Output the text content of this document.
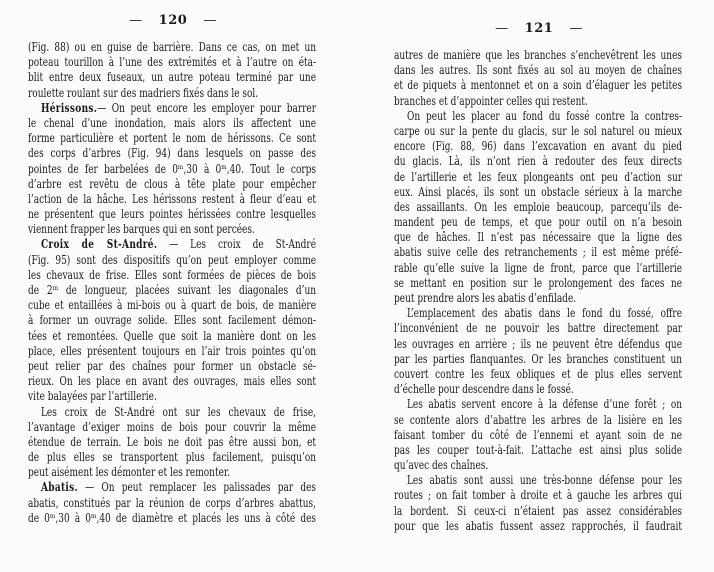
— 120 —
(Fig. 88) ou en guise de barrière. Dans ce cas, on met un
poteau tourillon à l’une des extrémités et à l’autre on éta-
blit entre deux fuseaux, un autre poteau terminé par une
roulette roulant sur des madriers fixés dans le sol.
Hérissons.— On peut encore les employer pour barrer
le chenal d’une inondation, mais alors ils affectent une
forme particulière et portent le nom de hérissons. Ce sont
des corps d’arbres (Fig. 94) dans lesquels on passe des
pointes de fer barbelées de 0ᵐ,30 à 0ᵐ,40. Tout le corps
d’arbre est revêtu de clous à tête plate pour empêcher
l’action de la hâche. Les hérissons restent à fleur d’eau et
ne présentent que leurs pointes hérissées contre lesquelles
viennent frapper les barques qui en sont percées.
Croix de St-André. — Les croix de St-André
(Fig. 95) sont des dispositifs qu’on peut employer comme
les chevaux de frise. Elles sont formées de pièces de bois
de 2ᵐ de longueur, placées suivant les diagonales d’un
cube et entaillées à mi-bois ou à quart de bois, de manière
à former un ouvrage solide. Elles sont facilement démon-
tées et remontées. Quelle que soit la manière dont on les
place, elles présentent toujours en l’air trois pointes qu’on
peut relier par des chaînes pour former un obstacle sé-
rieux. On les place en avant des ouvrages, mais elles sont
vite balayées par l’artillerie.
Les croix de St-André ont sur les chevaux de frise,
l’avantage d’exiger moins de bois pour couvrir la même
étendue de terrain. Le bois ne doit pas être aussi bon, et
de plus elles se transportent plus facilement, puisqu’on
peut aisément les démonter et les remonter.
Abatis. — On peut remplacer les palissades par des
abatis, constitués par la réunion de corps d’arbres abattus,
de 0ᵐ,30 à 0ᵐ,40 de diamètre et placés les uns à côté des
— 121 —
autres de manière que les branches s’enchevêtrent les unes
dans les autres. Ils sont fixés au sol au moyen de chaînes
et de piquets à mentonnet et on a soin d’élaguer les petites
branches et d’appointer celles qui restent.
On peut les placer au fond du fossé contre la contres-
carpe ou sur la pente du glacis, sur le sol naturel ou mieux
encore (Fig. 88, 96) dans l’excavation en avant du pied
du glacis. Là, ils n’ont rien à redouter des feux directs
de l’artillerie et les feux plongeants ont peu d’action sur
eux. Ainsi placés, ils sont un obstacle sérieux à la marche
des assaillants. On les emploie beaucoup, parcequ’ils de-
mandent peu de temps, et que pour outil on n’a besoin
que de hâches. Il n’est pas nécessaire que la ligne des
abatis suive celle des retranchements ; il est même préfé-
rable qu’elle suive la ligne de front, parce que l’artillerie
se mettant en position sur le prolongement des faces ne
peut prendre alors les abatis d’enfilade.
L’emplacement des abatis dans le fond du fossé, offre
l’inconvénient de ne pouvoir les battre directement par
les ouvrages en arrière ; ils ne peuvent être défendus que
par les parties flanquantes. Or les branches constituent un
couvert contre les feux obliques et de plus elles servent
d’échelle pour descendre dans le fossé.
Les abatis servent encore à la défense d’une forêt ; on
se contente alors d’abattre les arbres de la lisière en les
faisant tomber du côté de l’ennemi et ayant soin de ne
pas les couper tout-à-fait. L’attache est ainsi plus solide
qu’avec des chaînes.
Les abatis sont aussi une très-bonne défense pour les
routes ; on fait tomber à droite et à gauche les arbres qui
la bordent. Si ceux-ci n’étaient pas assez considérables
pour que les abatis fussent assez rapprochés, il faudrait
